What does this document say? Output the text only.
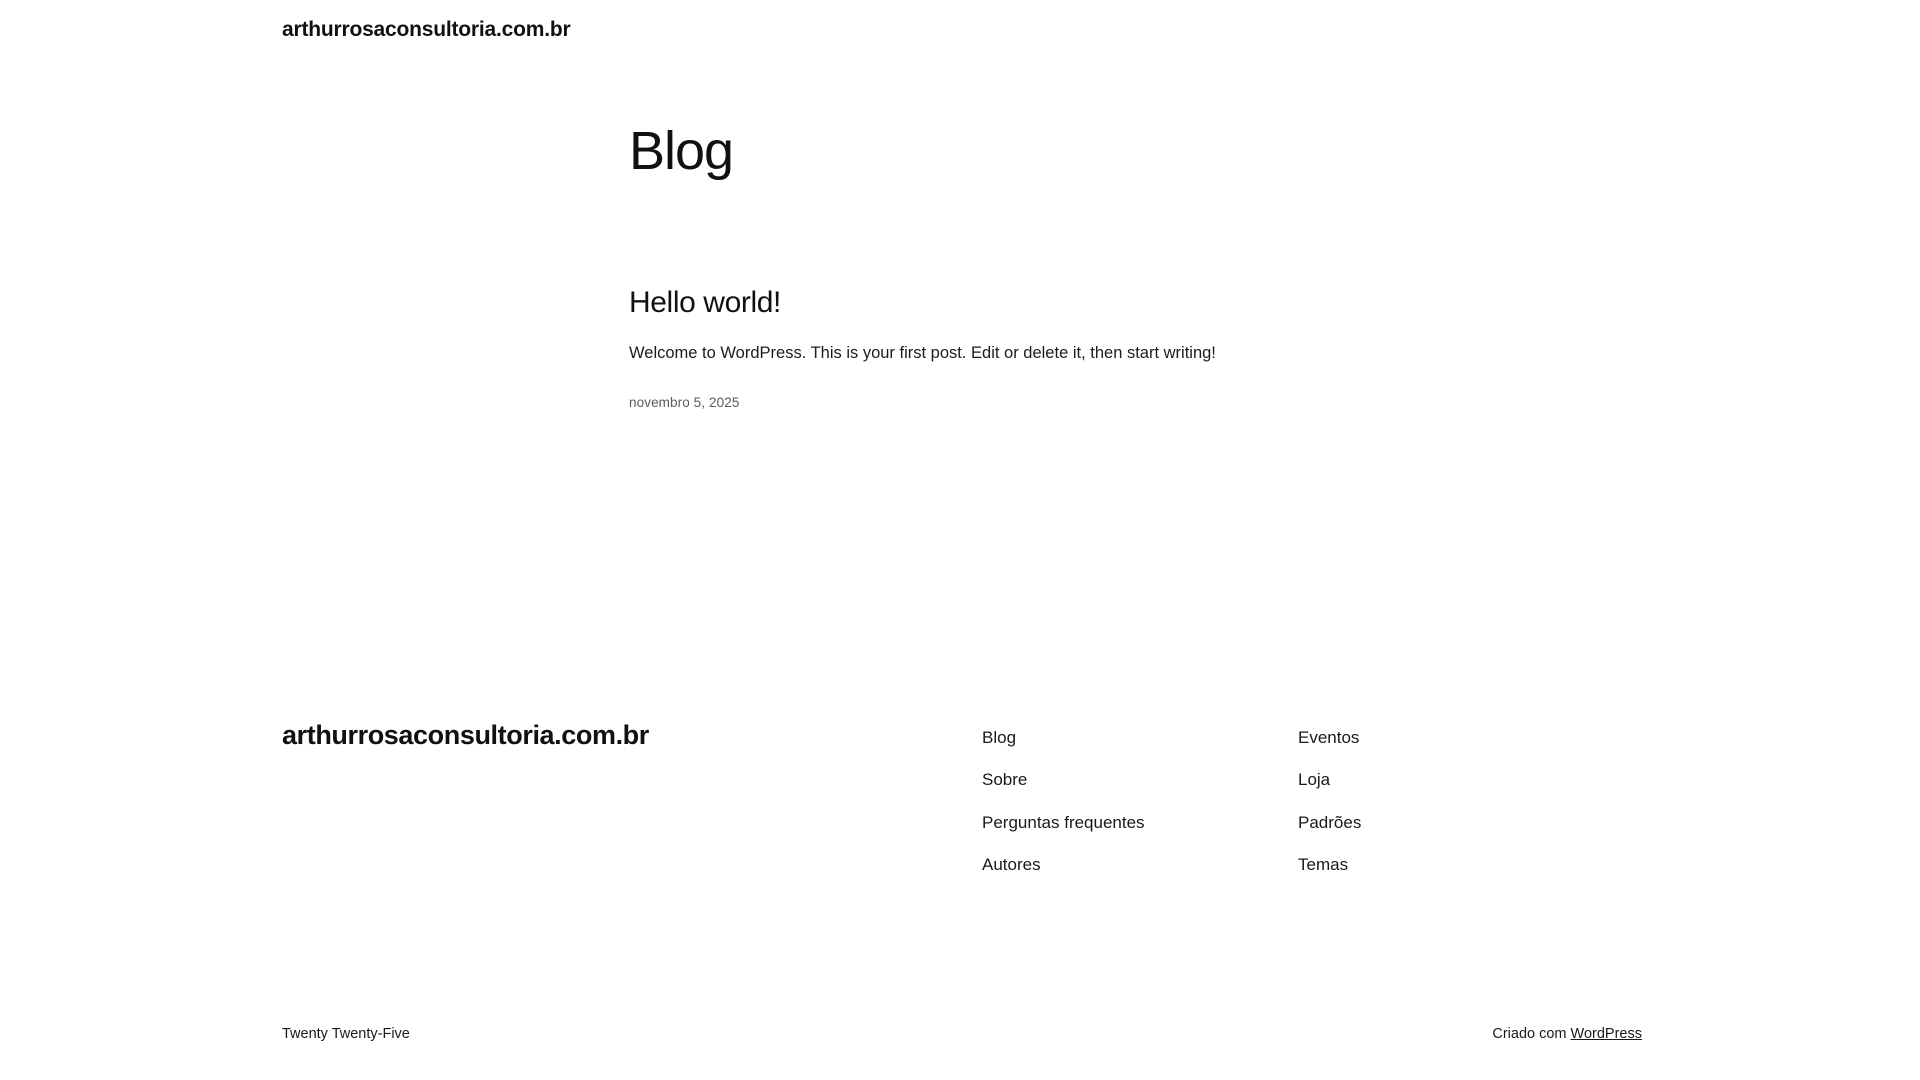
arthurrosaconsultoria.com.br
Blog
Hello world!

Welcome to WordPress. This is your first post. Edit or delete it, then start writing!

novembro 5, 2025
arthurrosaconsultoria.com.br	Blog
Sobre
Perguntas frequentes
Autores
Eventos
Loja
Padrões
Temas
Twenty Twenty-Five	Criado com WordPress
